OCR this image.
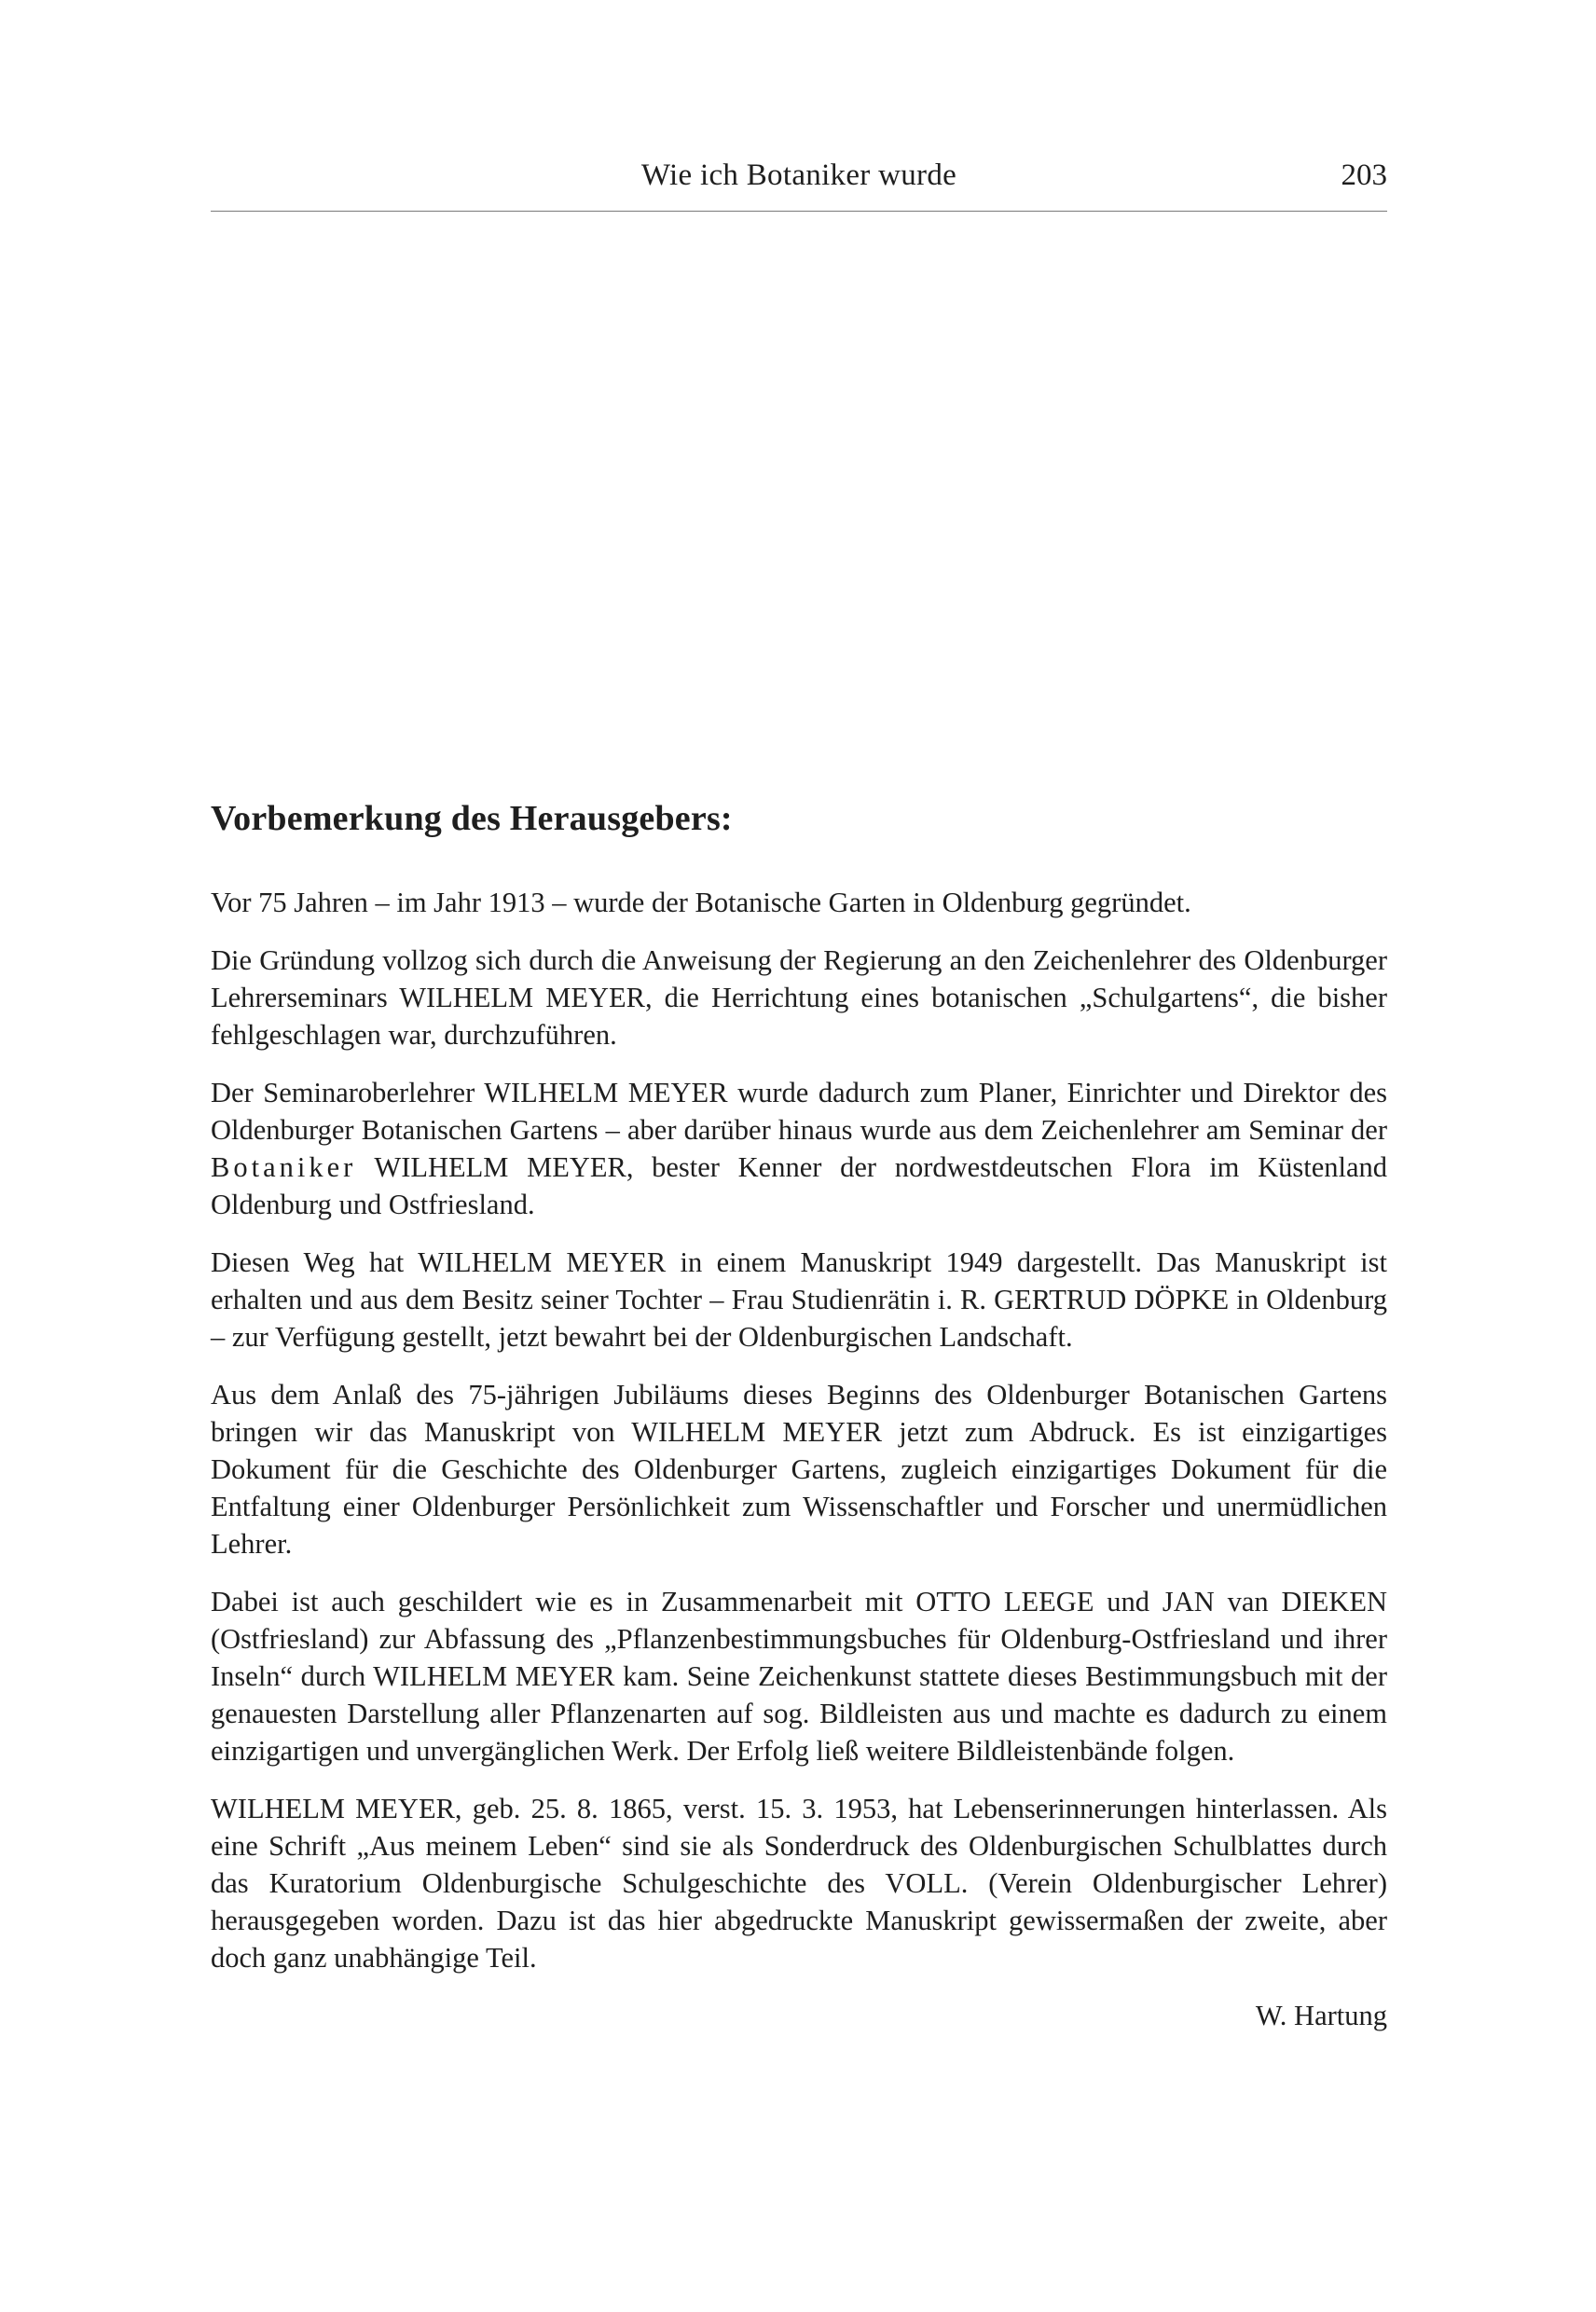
Wie ich Botaniker wurde	203
Vorbemerkung des Herausgebers:

Vor 75 Jahren – im Jahr 1913 – wurde der Botanische Garten in Oldenburg gegründet.

Die Gründung vollzog sich durch die Anweisung der Regierung an den Zeichenlehrer des Oldenburger Lehrerseminars WILHELM MEYER, die Herrichtung eines botanischen „Schulgartens“, die bisher fehlgeschlagen war, durchzuführen.

Der Seminaroberlehrer WILHELM MEYER wurde dadurch zum Planer, Einrichter und Direktor des Oldenburger Botanischen Gartens – aber darüber hinaus wurde aus dem Zeichenlehrer am Seminar der Botaniker WILHELM MEYER, bester Kenner der nordwestdeutschen Flora im Küstenland Oldenburg und Ostfriesland.

Diesen Weg hat WILHELM MEYER in einem Manuskript 1949 dargestellt. Das Manuskript ist erhalten und aus dem Besitz seiner Tochter – Frau Studienrätin i. R. GERTRUD DÖPKE in Oldenburg – zur Verfügung gestellt, jetzt bewahrt bei der Oldenburgischen Landschaft.

Aus dem Anlaß des 75-jährigen Jubiläums dieses Beginns des Oldenburger Botanischen Gartens bringen wir das Manuskript von WILHELM MEYER jetzt zum Abdruck. Es ist einzigartiges Dokument für die Geschichte des Oldenburger Gartens, zugleich einzigartiges Dokument für die Entfaltung einer Oldenburger Persönlichkeit zum Wissenschaftler und Forscher und unermüdlichen Lehrer.

Dabei ist auch geschildert wie es in Zusammenarbeit mit OTTO LEEGE und JAN van DIEKEN (Ostfriesland) zur Abfassung des „Pflanzenbestimmungsbuches für Oldenburg-Ostfriesland und ihrer Inseln“ durch WILHELM MEYER kam. Seine Zeichenkunst stattete dieses Bestimmungsbuch mit der genauesten Darstellung aller Pflanzenarten auf sog. Bildleisten aus und machte es dadurch zu einem einzigartigen und unvergänglichen Werk. Der Erfolg ließ weitere Bildleistenbände folgen.

WILHELM MEYER, geb. 25. 8. 1865, verst. 15. 3. 1953, hat Lebenserinnerungen hinterlassen. Als eine Schrift „Aus meinem Leben“ sind sie als Sonderdruck des Oldenburgischen Schulblattes durch das Kuratorium Oldenburgische Schulgeschichte des VOLL. (Verein Oldenburgischer Lehrer) herausgegeben worden. Dazu ist das hier abgedruckte Manuskript gewissermaßen der zweite, aber doch ganz unabhängige Teil.

W. Hartung
